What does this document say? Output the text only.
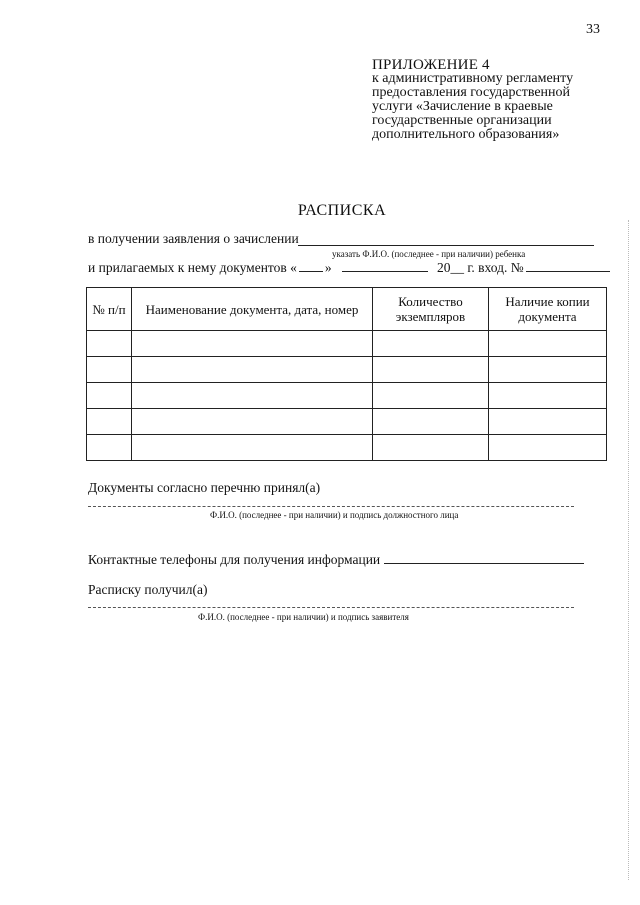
33
ПРИЛОЖЕНИЕ 4
к административному регламенту
предоставления государственной
услуги «Зачисление в краевые
государственные организации
дополнительного образования»
РАСПИСКА
в получении заявления о зачислении
указать Ф.И.О. (последнее - при наличии) ребенка
и прилагаемых к нему документов « »	20__ г. вход. №
№ п/п	Наименование документа, дата, номер	Количество экземпляров	Наличие копии документа

Документы согласно перечню принял(а)
Ф.И.О. (последнее - при наличии) и подпись должностного лица
Контактные телефоны для получения информации
Расписку получил(а)
Ф.И.О. (последнее - при наличии) и подпись заявителя
